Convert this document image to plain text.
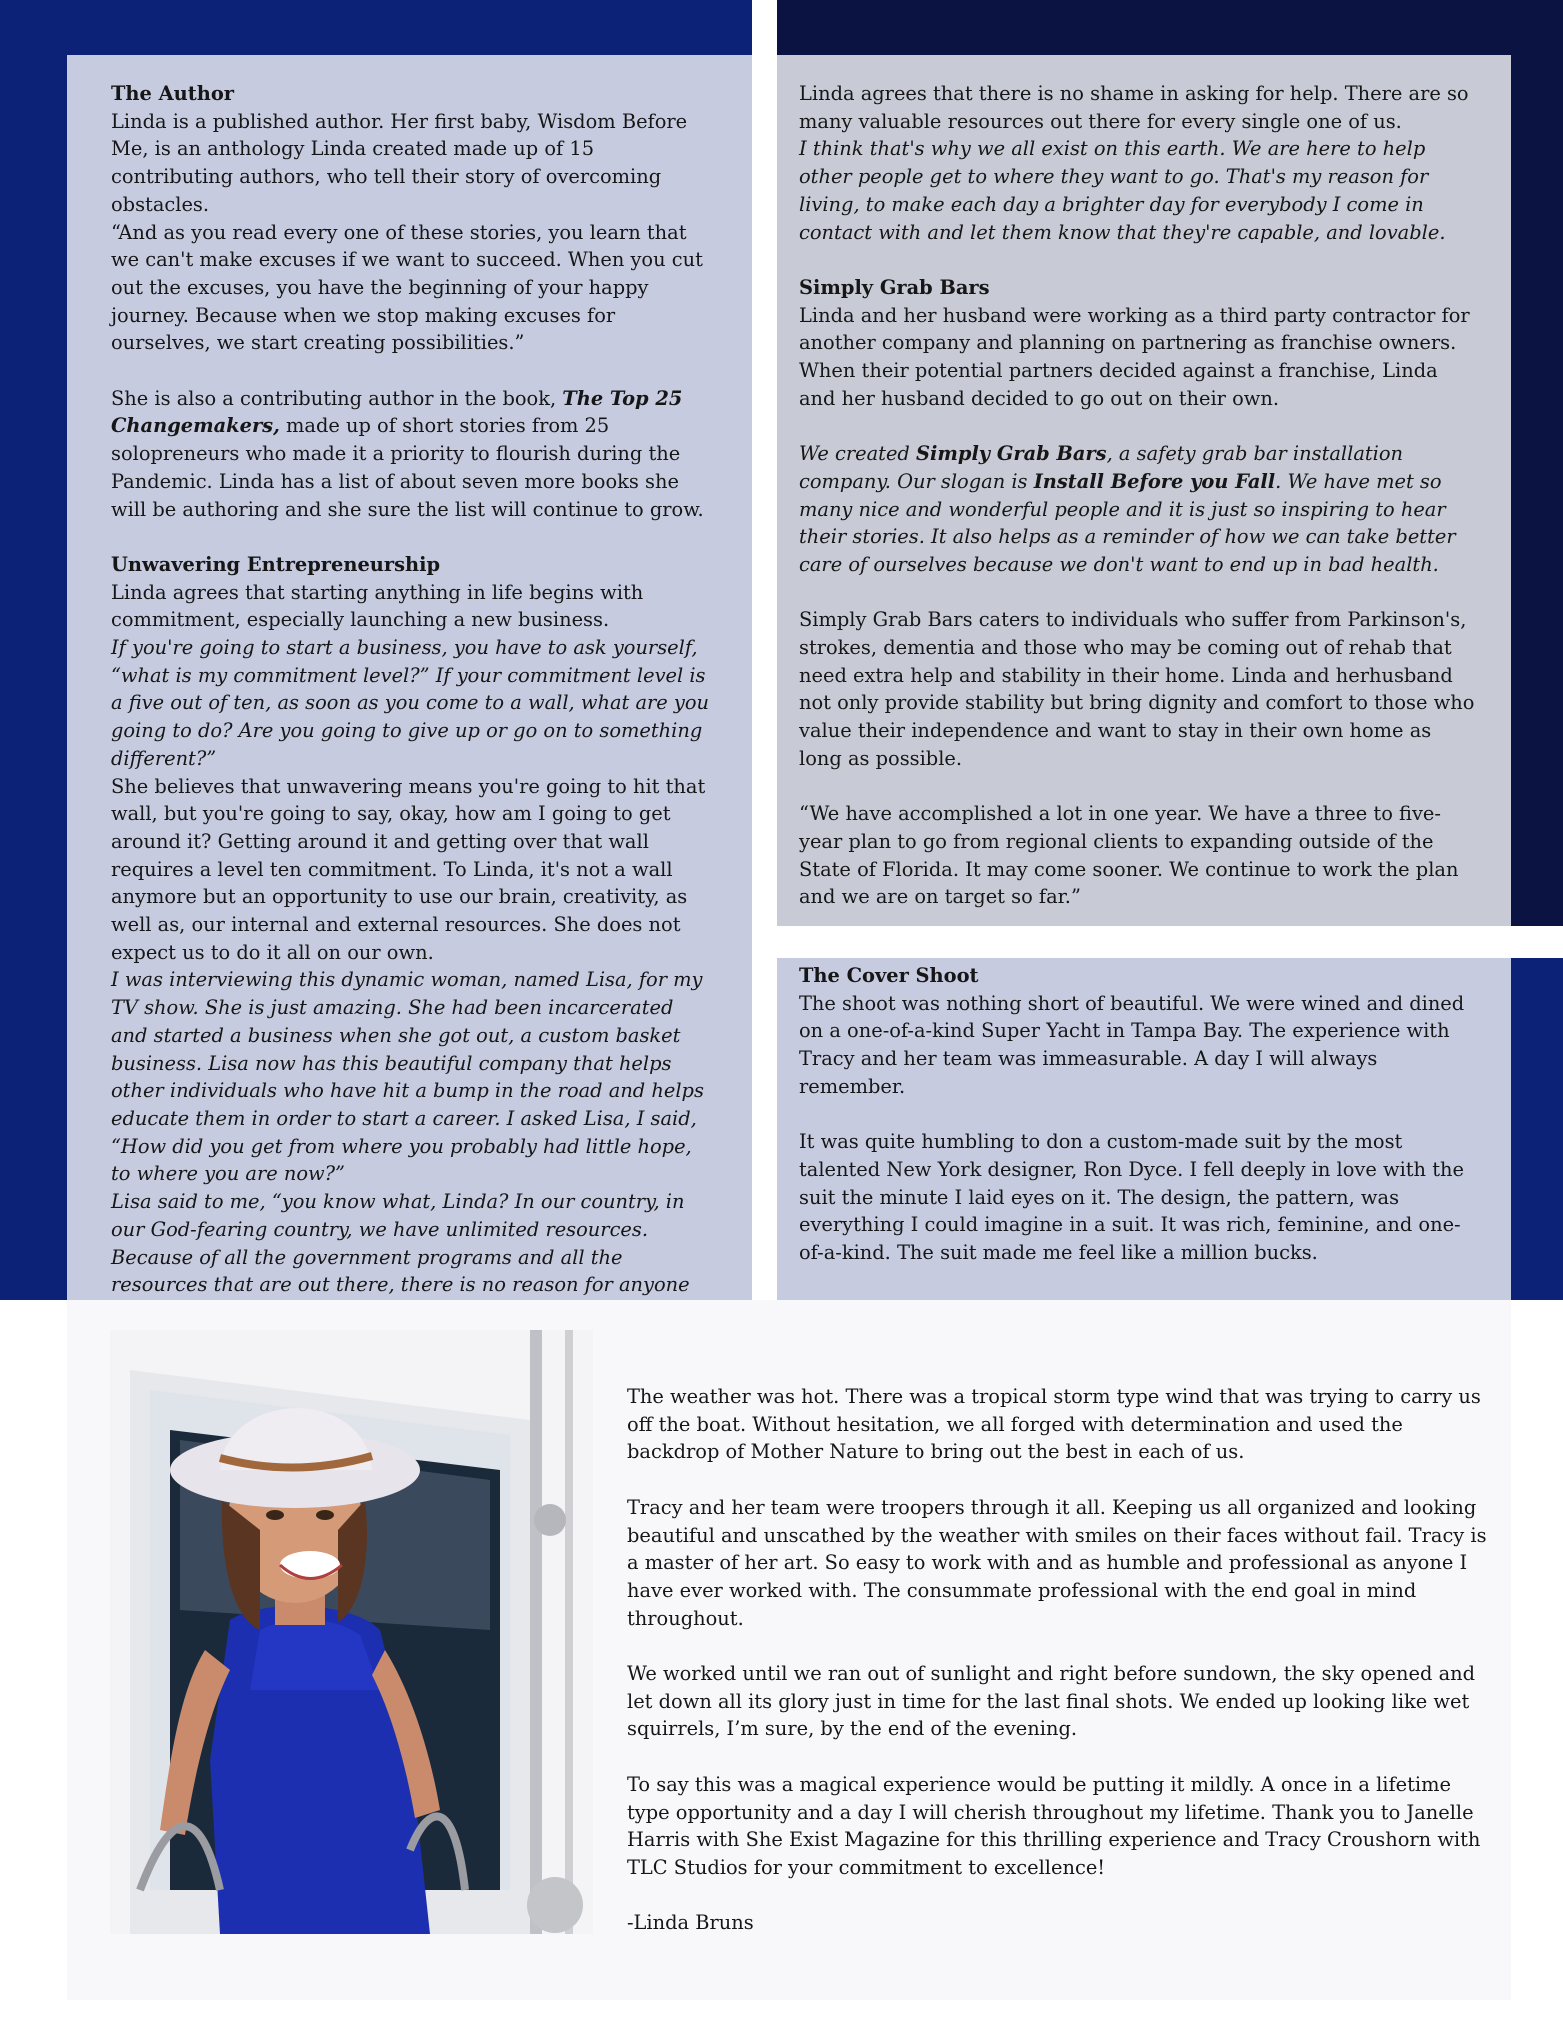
The Author

Linda is a published author. Her first baby, Wisdom Before Me, is an anthology Linda created made up of 15 contributing authors, who tell their story of overcoming obstacles.

“And as you read every one of these stories, you learn that we can't make excuses if we want to succeed. When you cut out the excuses, you have the beginning of your happy journey. Because when we stop making excuses for ourselves, we start creating possibilities.”

She is also a contributing author in the book, The Top 25 Changemakers, made up of short stories from 25 solopreneurs who made it a priority to flourish during the Pandemic. Linda has a list of about seven more books she will be authoring and she sure the list will continue to grow.

Unwavering Entrepreneurship

Linda agrees that starting anything in life begins with commitment, especially launching a new business.

If you're going to start a business, you have to ask yourself, “what is my commitment level?” If your commitment level is a five out of ten, as soon as you come to a wall, what are you going to do? Are you going to give up or go on to something different?”

She believes that unwavering means you're going to hit that wall, but you're going to say, okay, how am I going to get around it? Getting around it and getting over that wall requires a level ten commitment. To Linda, it's not a wall anymore but an opportunity to use our brain, creativity, as well as, our internal and external resources. She does not expect us to do it all on our own.

I was interviewing this dynamic woman, named Lisa, for my TV show. She is just amazing. She had been incarcerated and started a business when she got out, a custom basket business. Lisa now has this beautiful company that helps other individuals who have hit a bump in the road and helps educate them in order to start a career. I asked Lisa, I said, “How did you get from where you probably had little hope, to where you are now?”

Lisa said to me, “you know what, Linda? In our country, in our God-fearing country, we have unlimited resources. Because of all the government programs and all the resources that are out there, there is no reason for anyone

Linda agrees that there is no shame in asking for help. There are so many valuable resources out there for every single one of us.

I think that's why we all exist on this earth. We are here to help other people get to where they want to go. That's my reason for living, to make each day a brighter day for everybody I come in contact with and let them know that they're capable, and lovable.

Simply Grab Bars

Linda and her husband were working as a third party contractor for another company and planning on partnering as franchise owners. When their potential partners decided against a franchise, Linda and her husband decided to go out on their own.

We created Simply Grab Bars, a safety grab bar installation company. Our slogan is Install Before you Fall. We have met so many nice and wonderful people and it is just so inspiring to hear their stories. It also helps as a reminder of how we can take better care of ourselves because we don't want to end up in bad health.

Simply Grab Bars caters to individuals who suffer from Parkinson's, strokes, dementia and those who may be coming out of rehab that need extra help and stability in their home. Linda and herhusband not only provide stability but bring dignity and comfort to those who value their independence and want to stay in their own home as long as possible.

“We have accomplished a lot in one year. We have a three to five-year plan to go from regional clients to expanding outside of the State of Florida. It may come sooner. We continue to work the plan and we are on target so far.”

The Cover Shoot

The shoot was nothing short of beautiful. We were wined and dined on a one-of-a-kind Super Yacht in Tampa Bay. The experience with Tracy and her team was immeasurable. A day I will always remember.

It was quite humbling to don a custom-made suit by the most talented New York designer, Ron Dyce. I fell deeply in love with the suit the minute I laid eyes on it. The design, the pattern, was everything I could imagine in a suit. It was rich, feminine, and one-of-a-kind. The suit made me feel like a million bucks.

The weather was hot. There was a tropical storm type wind that was trying to carry us off the boat. Without hesitation, we all forged with determination and used the backdrop of Mother Nature to bring out the best in each of us.

Tracy and her team were troopers through it all. Keeping us all organized and looking beautiful and unscathed by the weather with smiles on their faces without fail. Tracy is a master of her art. So easy to work with and as humble and professional as anyone I have ever worked with. The consummate professional with the end goal in mind throughout.

We worked until we ran out of sunlight and right before sundown, the sky opened and let down all its glory just in time for the last final shots. We ended up looking like wet squirrels, I’m sure, by the end of the evening.

To say this was a magical experience would be putting it mildly. A once in a lifetime type opportunity and a day I will cherish throughout my lifetime. Thank you to Janelle Harris with She Exist Magazine for this thrilling experience and Tracy Croushorn with TLC Studios for your commitment to excellence!

-Linda Bruns
